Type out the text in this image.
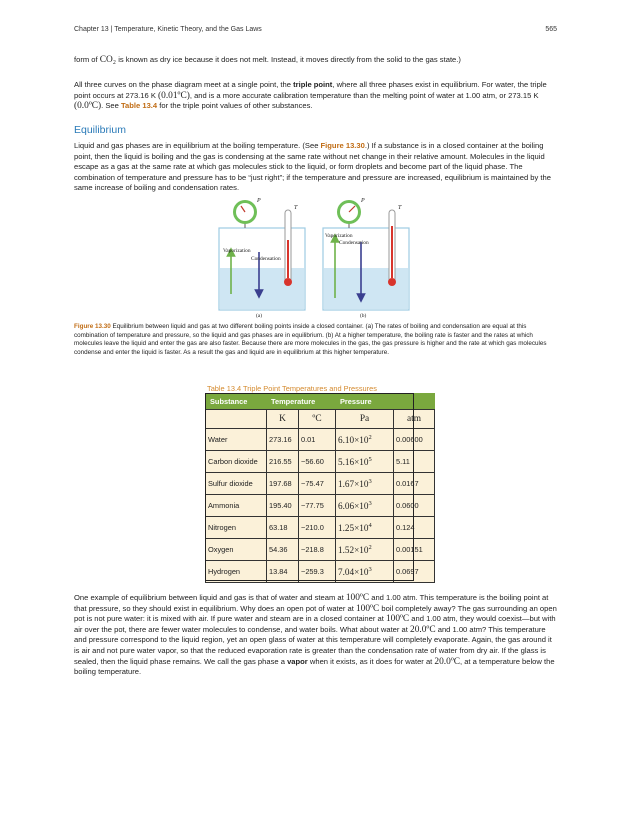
Chapter 13 | Temperature, Kinetic Theory, and the Gas Laws	565
form of CO₂ is known as dry ice because it does not melt. Instead, it moves directly from the solid to the gas state.)
All three curves on the phase diagram meet at a single point, the triple point, where all three phases exist in equilibrium. For water, the triple point occurs at 273.16 K (0.01ºC), and is a more accurate calibration temperature than the melting point of water at 1.00 atm, or 273.15 K (0.0ºC). See Table 13.4 for the triple point values of other substances.
Equilibrium
Liquid and gas phases are in equilibrium at the boiling temperature. (See Figure 13.30.) If a substance is in a closed container at the boiling point, then the liquid is boiling and the gas is condensing at the same rate without net change in their relative amount. Molecules in the liquid escape as a gas at the same rate at which gas molecules stick to the liquid, or form droplets and become part of the liquid phase. The combination of temperature and pressure has to be “just right”; if the temperature and pressure are increased, equilibrium is maintained by the same increase of boiling and condensation rates.
P
T
Vaporization
Condensation
(a)
P
T
Vaporization
Condensation
(b)
Figure 13.30 Equilibrium between liquid and gas at two different boiling points inside a closed container. (a) The rates of boiling and condensation are equal at this combination of temperature and pressure, so the liquid and gas phases are in equilibrium. (b) At a higher temperature, the boiling rate is faster and the rates at which molecules leave the liquid and enter the gas are also faster. Because there are more molecules in the gas, the gas pressure is higher and the rate at which gas molecules condense and enter the liquid is faster. As a result the gas and liquid are in equilibrium at this higher temperature.
Table 13.4 Triple Point Temperatures and Pressures
Substance	Temperature		Pressure	
	K	ºC	Pa	atm
Water	273.16	0.01	$6.10\times 10^2$	0.00600
Carbon dioxide	216.55	−56.60	$5.16\times 10^5$	5.11
Sulfur dioxide	197.68	−75.47	$1.67\times 10^3$	0.0167
Ammonia	195.40	−77.75	$6.06\times 10^3$	0.0600
Nitrogen	63.18	−210.0	$1.25\times 10^4$	0.124
Oxygen	54.36	−218.8	$1.52\times 10^2$	0.00151
Hydrogen	13.84	−259.3	$7.04\times 10^3$	0.0697
One example of equilibrium between liquid and gas is that of water and steam at 100ºC and 1.00 atm. This temperature is the boiling point at that pressure, so they should exist in equilibrium. Why does an open pot of water at 100ºC boil completely away? The gas surrounding an open pot is not pure water: it is mixed with air. If pure water and steam are in a closed container at 100ºC and 1.00 atm, they would coexist—but with air over the pot, there are fewer water molecules to condense, and water boils. What about water at 20.0ºC and 1.00 atm? This temperature and pressure correspond to the liquid region, yet an open glass of water at this temperature will completely evaporate. Again, the gas around it is air and not pure water vapor, so that the reduced evaporation rate is greater than the condensation rate of water from dry air. If the glass is sealed, then the liquid phase remains. We call the gas phase a vapor when it exists, as it does for water at 20.0ºC, at a temperature below the boiling temperature.
